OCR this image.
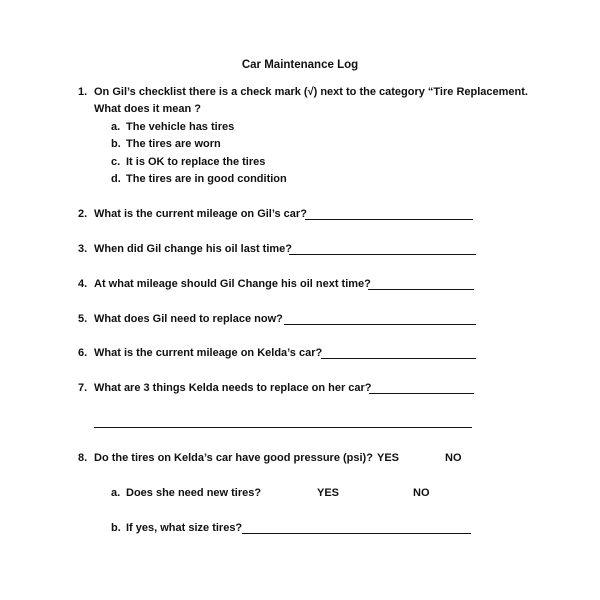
Car Maintenance Log
1. On Gil’s checklist there is a check mark (√) next to the category “Tire Replacement.
What does it mean ?
a. The vehicle has tires
b. The tires are worn
c. It is OK to replace the tires
d. The tires are in good condition
2. What is the current mileage on Gil’s car?
3. When did Gil change his oil last time?
4. At what mileage should Gil Change his oil next time?
5. What does Gil need to replace now?
6. What is the current mileage on Kelda’s car?
7. What are 3 things Kelda needs to replace on her car?
8. Do the tires on Kelda’s car have good pressure (psi)? YES	NO
a. Does she need new tires?	YES	NO
b. If yes, what size tires?
